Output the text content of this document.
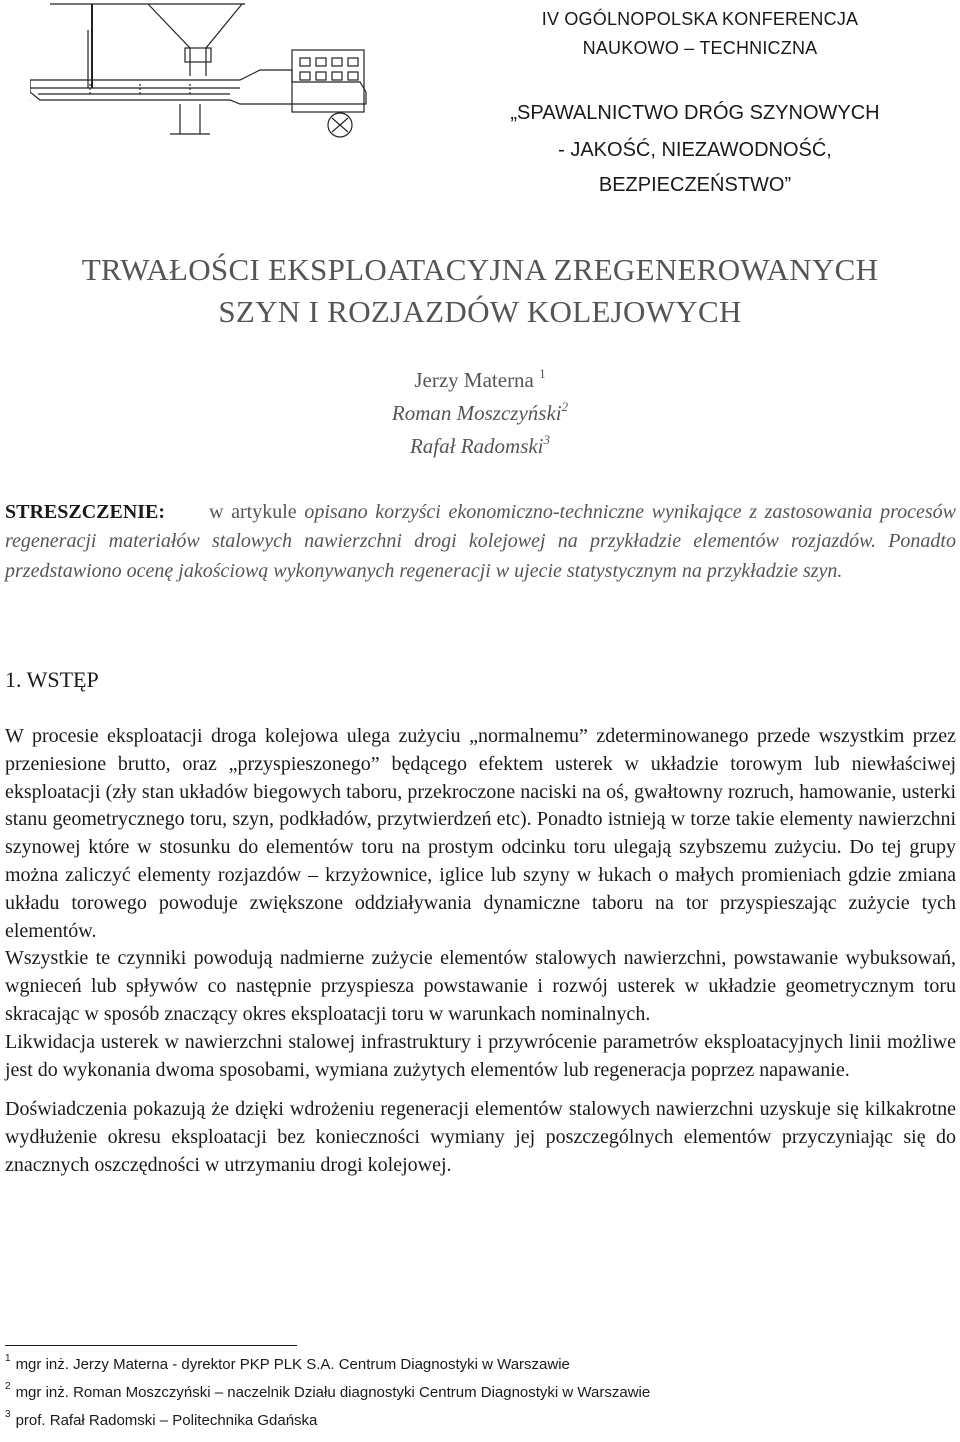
IV OGÓLNOPOLSKA KONFERENCJA
NAUKOWO – TECHNICZNA
„SPAWALNICTWO DRÓG SZYNOWYCH
- JAKOŚĆ, NIEZAWODNOŚĆ,
BEZPIECZEŃSTWO”
TRWAŁOŚCI EKSPLOATACYJNA ZREGENEROWANYCH
SZYN I ROZJAZDÓW KOLEJOWYCH
Jerzy Materna $^1$
Roman Moszczyński$^2$
Rafał Radomski$^3$
STRESZCZENIE: w artykule opisano korzyści ekonomiczno-techniczne wynikające z zastosowania procesów regeneracji materiałów stalowych nawierzchni drogi kolejowej na przykładzie elementów rozjazdów. Ponadto przedstawiono ocenę jakościową wykonywanych regeneracji w ujecie statystycznym na przykładzie szyn.
1. WSTĘP

W procesie eksploatacji droga kolejowa ulega zużyciu „normalnemu” zdeterminowanego przede wszystkim przez przeniesione brutto, oraz „przyspieszonego” będącego efektem usterek w układzie torowym lub niewłaściwej eksploatacji (zły stan układów biegowych taboru, przekroczone naciski na oś, gwałtowny rozruch, hamowanie, usterki stanu geometrycznego toru, szyn, podkładów, przytwierdzeń etc). Ponadto istnieją w torze takie elementy nawierzchni szynowej które w stosunku do elementów toru na prostym odcinku toru ulegają szybszemu zużyciu. Do tej grupy można zaliczyć elementy rozjazdów – krzyżownice, iglice lub szyny w łukach o małych promieniach gdzie zmiana układu torowego powoduje zwiększone oddziaływania dynamiczne taboru na tor przyspieszając zużycie tych elementów.

Wszystkie te czynniki powodują nadmierne zużycie elementów stalowych nawierzchni, powstawanie wybuksowań, wgnieceń lub spływów co następnie przyspiesza powstawanie i rozwój usterek w układzie geometrycznym toru skracając w sposób znaczący okres eksploatacji toru w warunkach nominalnych.

Likwidacja usterek w nawierzchni stalowej infrastruktury i przywrócenie parametrów eksploatacyjnych linii możliwe jest do wykonania dwoma sposobami, wymiana zużytych elementów lub regeneracja poprzez napawanie.

Doświadczenia pokazują że dzięki wdrożeniu regeneracji elementów stalowych nawierzchni uzyskuje się kilkakrotne wydłużenie okresu eksploatacji bez konieczności wymiany jej poszczególnych elementów przyczyniając się do znacznych oszczędności w utrzymaniu drogi kolejowej.

$^1$ mgr inż. Jerzy Materna - dyrektor PKP PLK S.A. Centrum Diagnostyki w Warszawie
$^2$ mgr inż. Roman Moszczyński – naczelnik Działu diagnostyki Centrum Diagnostyki w Warszawie
$^3$ prof. Rafał Radomski – Politechnika Gdańska
